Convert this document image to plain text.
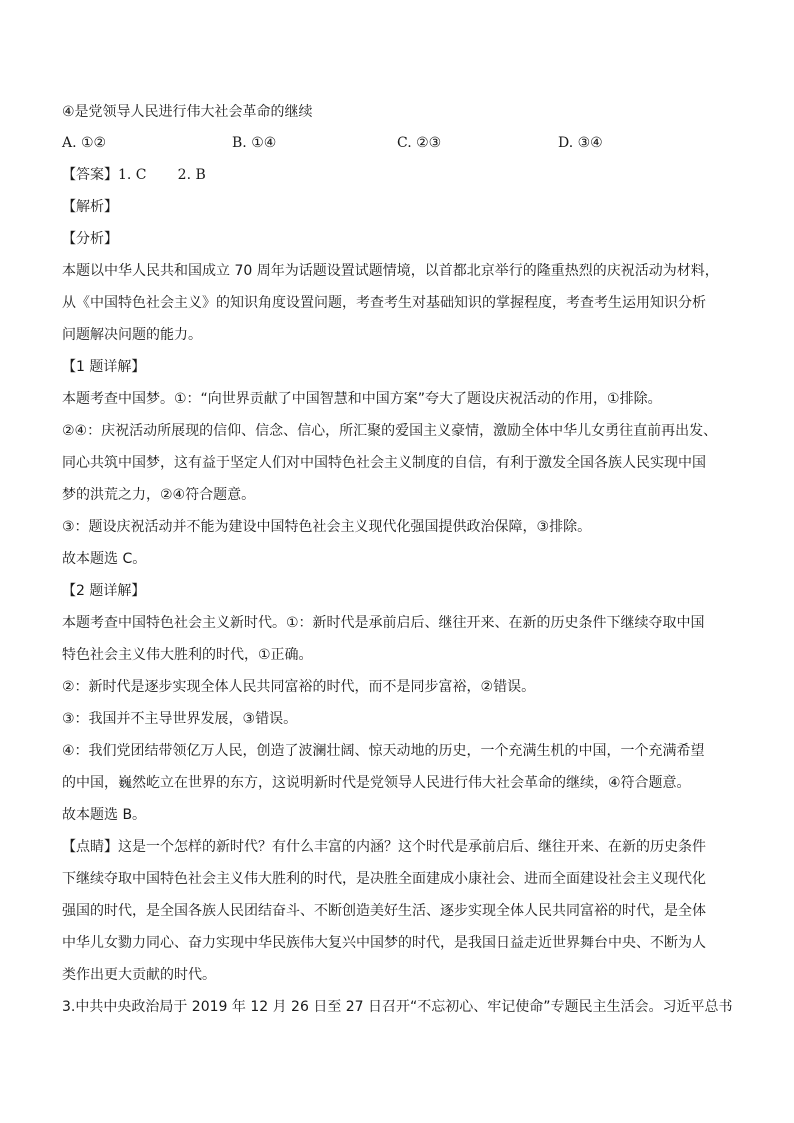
④是党领导人民进行伟大社会革命的继续
A. ①②	B. ①④	C. ②③	D. ③④
【答案】1. C       2. B
【解析】
【分析】
本题以中华人民共和国成立 70 周年为话题设置试题情境，以首都北京举行的隆重热烈的庆祝活动为材料，
从《中国特色社会主义》的知识角度设置问题，考查考生对基础知识的掌握程度，考查考生运用知识分析
问题解决问题的能力。
【1 题详解】
本题考查中国梦。①：“向世界贡献了中国智慧和中国方案”夸大了题设庆祝活动的作用，①排除。
②④：庆祝活动所展现的信仰、信念、信心，所汇聚的爱国主义豪情，激励全体中华儿女勇往直前再出发、
同心共筑中国梦，这有益于坚定人们对中国特色社会主义制度的自信，有利于激发全国各族人民实现中国
梦的洪荒之力，②④符合题意。
③：题设庆祝活动并不能为建设中国特色社会主义现代化强国提供政治保障，③排除。
故本题选 C。
【2 题详解】
本题考查中国特色社会主义新时代。①：新时代是承前启后、继往开来、在新的历史条件下继续夺取中国
特色社会主义伟大胜利的时代，①正确。
②：新时代是逐步实现全体人民共同富裕的时代，而不是同步富裕，②错误。
③：我国并不主导世界发展，③错误。
④：我们党团结带领亿万人民，创造了波澜壮阔、惊天动地的历史，一个充满生机的中国，一个充满希望
的中国，巍然屹立在世界的东方，这说明新时代是党领导人民进行伟大社会革命的继续，④符合题意。
故本题选 B。
【点睛】这是一个怎样的新时代？有什么丰富的内涵？这个时代是承前启后、继往开来、在新的历史条件
下继续夺取中国特色社会主义伟大胜利的时代，是决胜全面建成小康社会、进而全面建设社会主义现代化
强国的时代，是全国各族人民团结奋斗、不断创造美好生活、逐步实现全体人民共同富裕的时代，是全体
中华儿女勠力同心、奋力实现中华民族伟大复兴中国梦的时代，是我国日益走近世界舞台中央、不断为人
类作出更大贡献的时代。
3.中共中央政治局于 2019 年 12 月 26 日至 27 日召开“不忘初心、牢记使命”专题民主生活会。习近平总书
